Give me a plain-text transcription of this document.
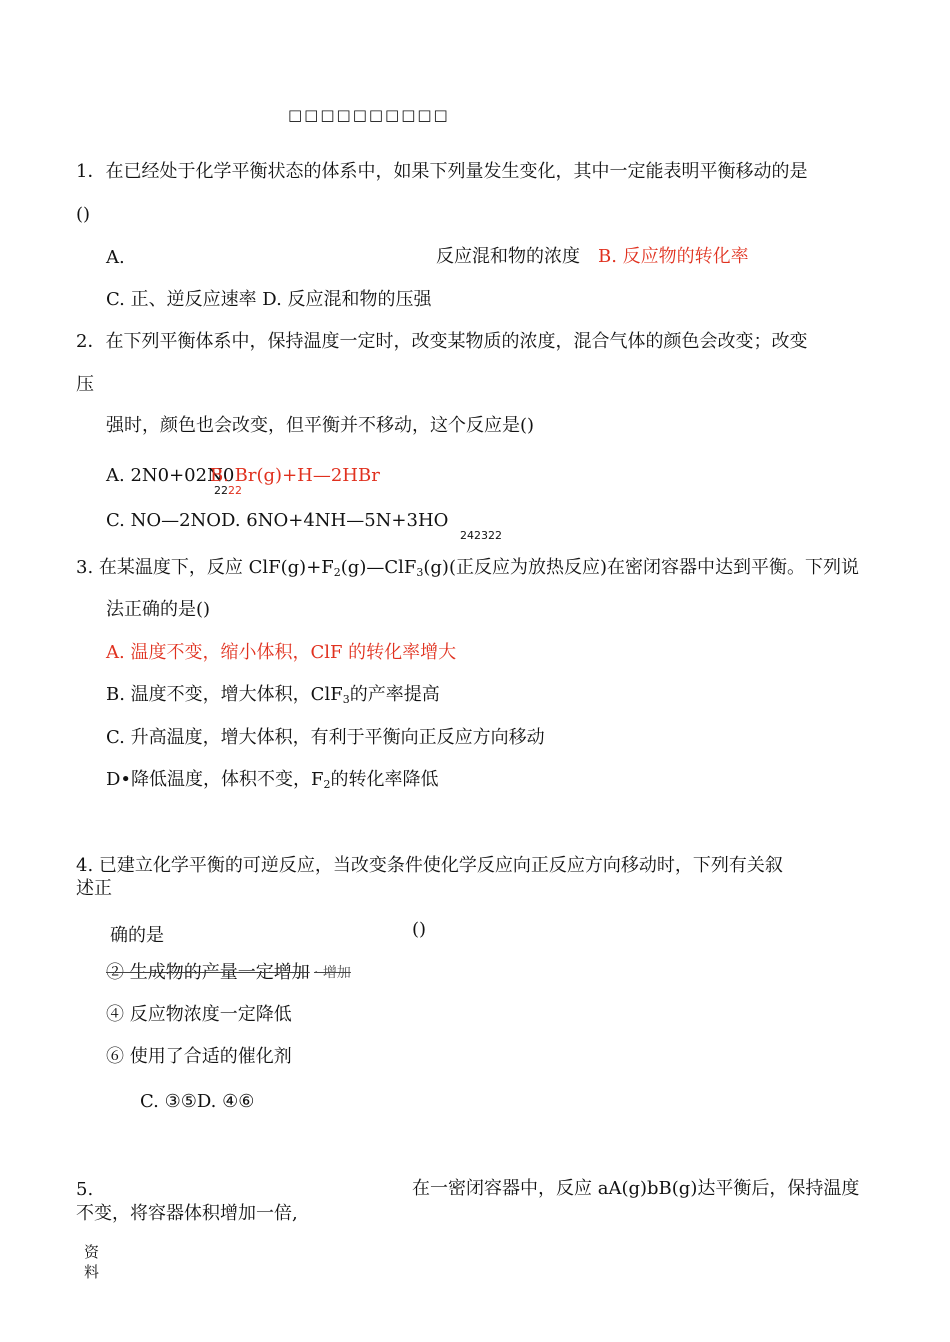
□□□□□□□□□□
1．在已经处于化学平衡状态的体系中，如果下列量发生变化，其中一定能表明平衡移动的是
()
A.	反应混和物的浓度 B. 反应物的转化率
C. 正、逆反应速率 D. 反应混和物的压强
2．在下列平衡体系中，保持温度一定时，改变某物质的浓度，混合气体的颜色会改变；改变
压
强时，颜色也会改变，但平衡并不移动，这个反应是()
A. 2N0+02N0
B. Br(g)+H—2HBr
22 22
C. NO—2NOD. 6NO+4NH—5N+3HO
242322
3. 在某温度下，反应 $ClF(g)+F_2(g)—ClF_3(g)$(正反应为放热反应)在密闭容器中达到平衡。下列说
法正确的是()
A. 温度不变，缩小体积，ClF 的转化率增大
B. 温度不变，增大体积，ClF$_3$的产率提高
C. 升高温度，增大体积，有利于平衡向正反应方向移动
D•降低温度，体积不变，$F_2$的转化率降低
4. 已建立化学平衡的可逆反应，当改变条件使化学反应向正反应方向移动时，下列有关叙
述正
确的是	()
② 生成物的产量一定增加 · 增加
④ 反应物浓度一定降低
⑥ 使用了合适的催化剂
C. ③⑤D. ④⑥
5.	在一密闭容器中，反应 aA(g)bB(g)达平衡后，保持温度
不变，将容器体积增加一倍,
资
料
